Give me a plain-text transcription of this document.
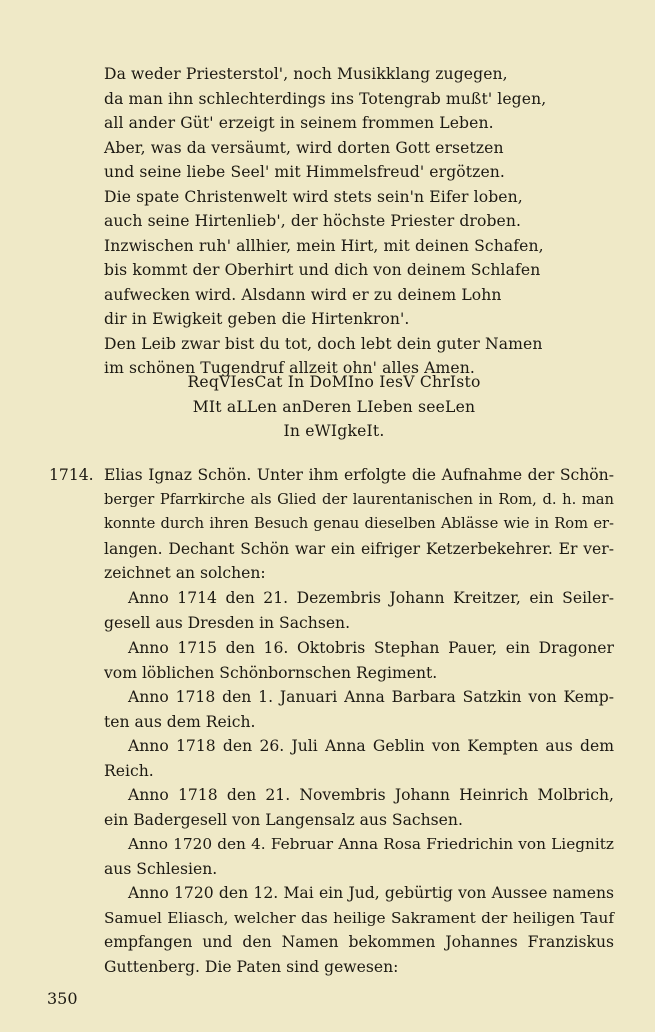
Da weder Priesterstol', noch Musikklang zugegen,
da man ihn schlechterdings ins Totengrab mußt' legen,
all ander Güt' erzeigt in seinem frommen Leben.
Aber, was da versäumt, wird dorten Gott ersetzen
und seine liebe Seel' mit Himmelsfreud' ergötzen.
Die spate Christenwelt wird stets sein'n Eifer loben,
auch seine Hirtenlieb', der höchste Priester droben.
Inzwischen ruh' allhier, mein Hirt, mit deinen Schafen,
bis kommt der Oberhirt und dich von deinem Schlafen
aufwecken wird. Alsdann wird er zu deinem Lohn
dir in Ewigkeit geben die Hirtenkron'.
Den Leib zwar bist du tot, doch lebt dein guter Namen
im schönen Tugendruf allzeit ohn' alles Amen.
ReqVIesCat In DoMIno IesV ChrIsto
MIt aLLen anDeren LIeben seeLen
In eWIgkeIt.
1714. Elias Ignaz Schön. Unter ihm erfolgte die Aufnahme der Schön-
berger Pfarrkirche als Glied der laurentanischen in Rom, d. h. man
konnte durch ihren Besuch genau dieselben Ablässe wie in Rom er-
langen. Dechant Schön war ein eifriger Ketzerbekehrer. Er ver-
zeichnet an solchen:
Anno 1714 den 21. Dezembris Johann Kreitzer, ein Seiler-
gesell aus Dresden in Sachsen.
Anno 1715 den 16. Oktobris Stephan Pauer, ein Dragoner
vom löblichen Schönbornschen Regiment.
Anno 1718 den 1. Januari Anna Barbara Satzkin von Kemp-
ten aus dem Reich.
Anno 1718 den 26. Juli Anna Geblin von Kempten aus dem
Reich.
Anno 1718 den 21. Novembris Johann Heinrich Molbrich,
ein Badergesell von Langensalz aus Sachsen.
Anno 1720 den 4. Februar Anna Rosa Friedrichin von Liegnitz
aus Schlesien.
Anno 1720 den 12. Mai ein Jud, gebürtig von Aussee namens
Samuel Eliasch, welcher das heilige Sakrament der heiligen Tauf
empfangen und den Namen bekommen Johannes Franziskus
Guttenberg. Die Paten sind gewesen:
350
